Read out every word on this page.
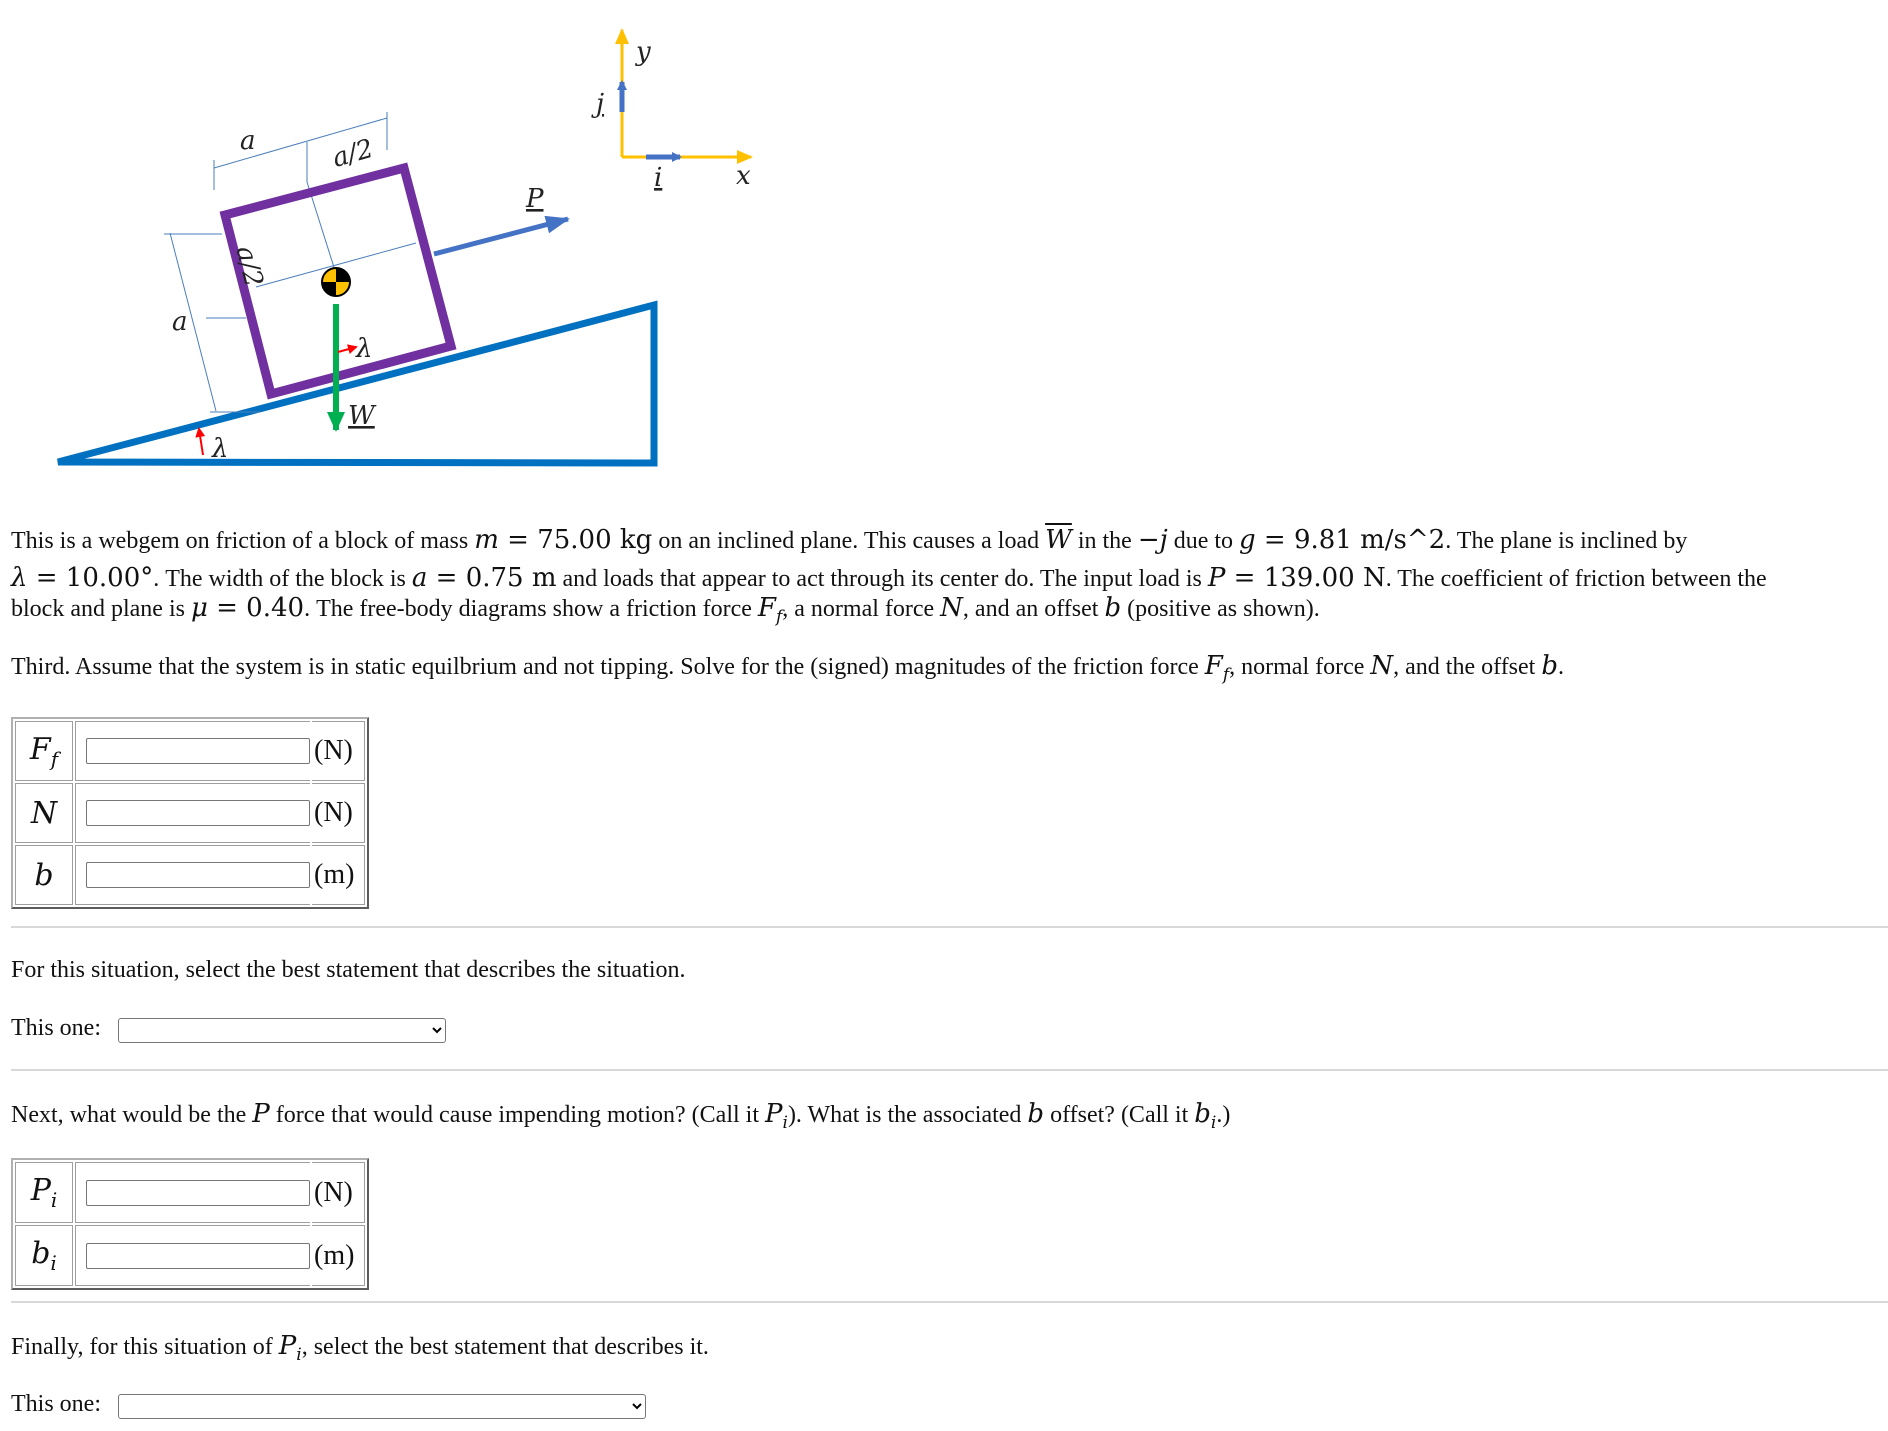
a	a/2
a
a/2
P
W
λ
λ
y
x
j
i
This is a webgem on friction of a block of mass m = 75.00 kg on an inclined plane. This causes a load $\overline{W}$ in the −j due to g = 9.81 m/s^2. The plane is inclined by
λ = 10.00°. The width of the block is a = 0.75 m and loads that appear to act through its center do. The input load is P = 139.00 N. The coefficient of friction between the
block and plane is μ = 0.40. The free-body diagrams show a friction force $F_f$, a normal force N, and an offset b (positive as shown).
Third. Assume that the system is in static equilbrium and not tipping. Solve for the (signed) magnitudes of the friction force $F_f$, normal force N, and the offset b.
$F_f$		(N)
N		(N)
b		(m)
For this situation, select the best statement that describes the situation.
This one:
Next, what would be the P force that would cause impending motion? (Call it $P_i$). What is the associated b offset? (Call it $b_i$.)
$P_i$		(N)
$b_i$		(m)
Finally, for this situation of $P_i$, select the best statement that describes it.
This one:
